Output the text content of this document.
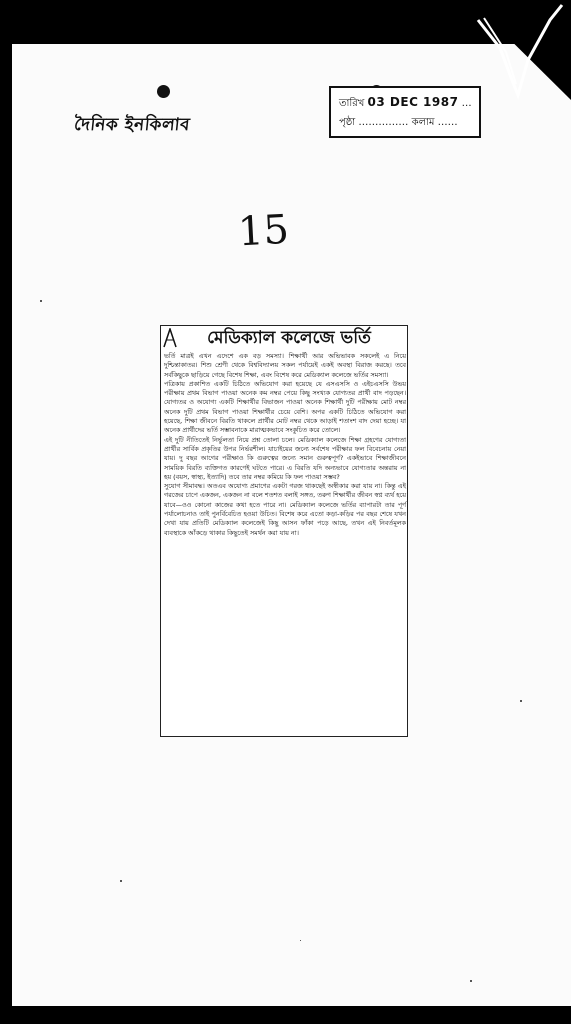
দৈনিক ইনকিলাব
তারিখ 03 DEC 1987 …
পৃষ্ঠা …………… কলাম ……
15
মেডিক্যাল কলেজে ভর্তি

ভর্তি মাত্রই এখন এদেশে এক বড় সমস্যা। শিক্ষার্থী আর অভিভাবক সকলেই এ নিয়ে দুশ্চিন্তাকাতর। শিশু শ্রেণী থেকে বিশ্ববিদ্যালয় সকল পর্যায়েই একই অবস্থা বিরাজ করছে। তবে সর্বকিছুকে ছাড়িয়ে গেছে বিশেষ শিক্ষা, এবং বিশেষ করে মেডিক্যাল কলেজে ভর্তির সমস্যা।

পত্রিকায় প্রকাশিত একটি চিঠিতে অভিযোগ করা হয়েছে যে এসএসসি ও এইচএসসি উভয় পরীক্ষায় প্রথম বিভাগ পাওয়া অনেক কম নম্বর পেয়ে কিছু সংখ্যক যোগ্যতর প্রার্থী বাদ পড়ছেন। যোগ্যতর ও অযোগ্য একটি শিক্ষার্থীর বিভাজন পাওয়া অনেক শিক্ষার্থী দুটি পরীক্ষায় মোট নম্বর অনেক দুটি প্রথম বিভাগ পাওয়া শিক্ষার্থীর চেয়ে বেশি। অপর একটি চিঠিতে অভিযোগ করা হয়েছে, শিক্ষা জীবনে বিরতি থাকলে প্রার্থীর মোট নম্বর থেকে আড়াই শতাংশ বাদ দেয়া হচ্ছে। যা অনেক প্রার্থীদের ভর্তি সম্ভাবনাকে মারাত্মকভাবে সংকুচিত করে তোলে।

এই দুটি নীতিতেই নির্ভুলতা নিয়ে প্রশ্ন তোলা চলে। মেডিক্যাল কলেজে শিক্ষা গ্রহণের যোগ্যতা প্রার্থীর সার্বিক প্রকৃতির উপর নির্ভরশীল। যাচাইয়ের জন্যে সর্বশেষ পরীক্ষার ফল বিবেচনায় নেয়া যায়। দু বছর আগের পরীক্ষাও কি গুরুত্বের জন্যে সমান গুরুত্বপূর্ণ? একইভাবে শিক্ষাজীবনে সাময়িক বিরতি ব্যক্তিগত কারণেই ঘটতে পারে। এ বিরতি যদি অন্যভাবে যোগ্যতার অন্তরায় না হয় (বয়স, স্বাস্থ্য, ইত্যাদি) তবে তার নম্বর কমিয়ে কি ফল পাওয়া সম্ভব?

সুযোগ সীমাবদ্ধ। অতএব অযোগ্য প্রমাণের একটা গরজ থাকছেই অস্বীকার করা যায় না। কিন্তু এই গরজের চাপে একজন, একজন না বলে শতশত বলাই সঙ্গত, তরুণ শিক্ষার্থীর জীবন স্বপ্ন ব্যর্থ হয়ে যাবে—ওও কোনো কাজের কথা হতে পারে না। মেডিক্যাল কলেজে ভর্তির ব্যাপারটা তার পূর্ণ পর্যালোচনাও তাই পুনর্বিবেচিত হওয়া উচিত। বিশেষ করে এতো কড়া-কড়ির পর বছর শেষে যখন দেখা যায় প্রতিটি মেডিক্যাল কলেজেই কিছু আসন ফাঁকা পড়ে আছে, তখন এই নিবর্তমূলক ব্যবস্থাকে আঁকড়ে থাকার কিছুতেই সমর্থন করা যায় না।
